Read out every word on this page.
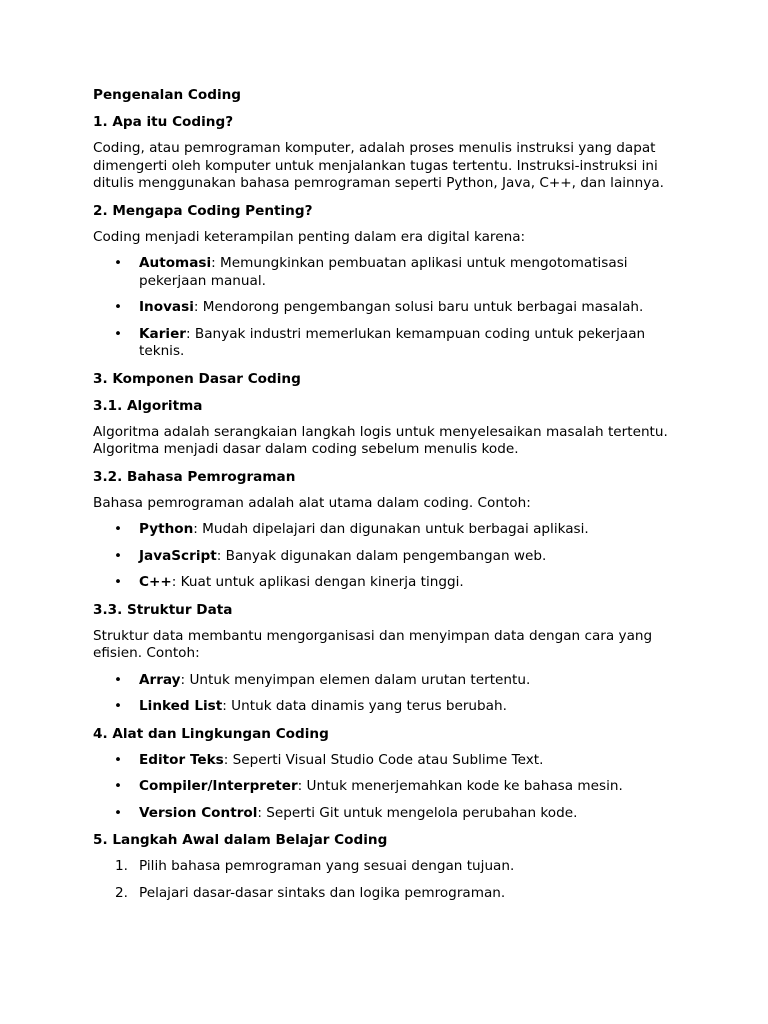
Pengenalan Coding
1. Apa itu Coding?
Coding, atau pemrograman komputer, adalah proses menulis instruksi yang dapat dimengerti oleh komputer untuk menjalankan tugas tertentu. Instruksi-instruksi ini ditulis menggunakan bahasa pemrograman seperti Python, Java, C++, dan lainnya.
2. Mengapa Coding Penting?
Coding menjadi keterampilan penting dalam era digital karena:
• Automasi: Memungkinkan pembuatan aplikasi untuk mengotomatisasi pekerjaan manual.
• Inovasi: Mendorong pengembangan solusi baru untuk berbagai masalah.
• Karier: Banyak industri memerlukan kemampuan coding untuk pekerjaan teknis.
3. Komponen Dasar Coding
3.1. Algoritma
Algoritma adalah serangkaian langkah logis untuk menyelesaikan masalah tertentu. Algoritma menjadi dasar dalam coding sebelum menulis kode.
3.2. Bahasa Pemrograman
Bahasa pemrograman adalah alat utama dalam coding. Contoh:
• Python: Mudah dipelajari dan digunakan untuk berbagai aplikasi.
• JavaScript: Banyak digunakan dalam pengembangan web.
• C++: Kuat untuk aplikasi dengan kinerja tinggi.
3.3. Struktur Data
Struktur data membantu mengorganisasi dan menyimpan data dengan cara yang efisien. Contoh:
• Array: Untuk menyimpan elemen dalam urutan tertentu.
• Linked List: Untuk data dinamis yang terus berubah.
4. Alat dan Lingkungan Coding
• Editor Teks: Seperti Visual Studio Code atau Sublime Text.
• Compiler/Interpreter: Untuk menerjemahkan kode ke bahasa mesin.
• Version Control: Seperti Git untuk mengelola perubahan kode.
5. Langkah Awal dalam Belajar Coding
1. Pilih bahasa pemrograman yang sesuai dengan tujuan.
2. Pelajari dasar-dasar sintaks dan logika pemrograman.
